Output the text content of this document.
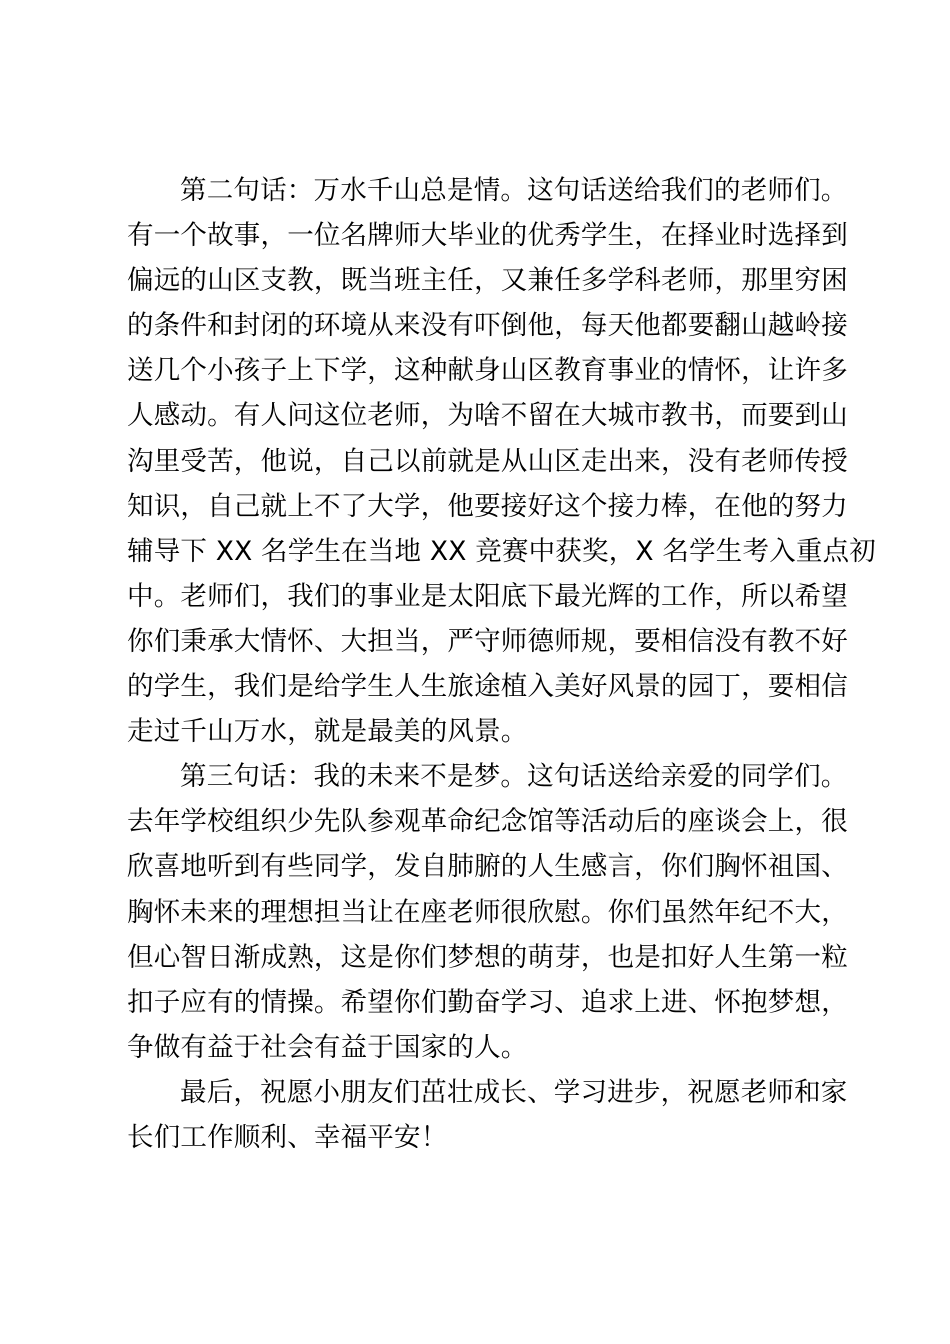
第二句话：万水千山总是情。这句话送给我们的老师们。
有一个故事，一位名牌师大毕业的优秀学生，在择业时选择到
偏远的山区支教，既当班主任，又兼任多学科老师，那里穷困
的条件和封闭的环境从来没有吓倒他，每天他都要翻山越岭接
送几个小孩子上下学，这种献身山区教育事业的情怀，让许多
人感动。有人问这位老师，为啥不留在大城市教书，而要到山
沟里受苦，他说，自己以前就是从山区走出来，没有老师传授
知识，自己就上不了大学，他要接好这个接力棒，在他的努力
辅导下 XX 名学生在当地 XX 竞赛中获奖，X 名学生考入重点初
中。老师们，我们的事业是太阳底下最光辉的工作，所以希望
你们秉承大情怀、大担当，严守师德师规，要相信没有教不好
的学生，我们是给学生人生旅途植入美好风景的园丁，要相信
走过千山万水，就是最美的风景。
第三句话：我的未来不是梦。这句话送给亲爱的同学们。
去年学校组织少先队参观革命纪念馆等活动后的座谈会上，很
欣喜地听到有些同学，发自肺腑的人生感言，你们胸怀祖国、
胸怀未来的理想担当让在座老师很欣慰。你们虽然年纪不大，
但心智日渐成熟，这是你们梦想的萌芽，也是扣好人生第一粒
扣子应有的情操。希望你们勤奋学习、追求上进、怀抱梦想，
争做有益于社会有益于国家的人。
最后，祝愿小朋友们茁壮成长、学习进步，祝愿老师和家
长们工作顺利、幸福平安！
